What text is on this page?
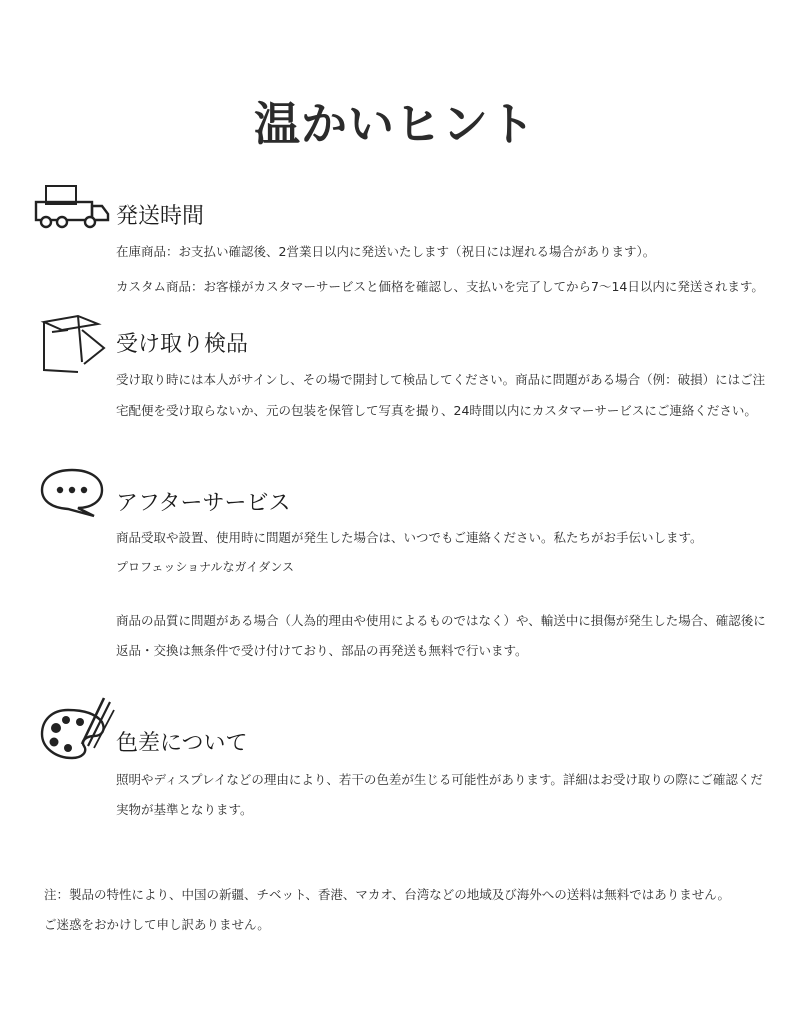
温かいヒント
発送時間
在庫商品：お支払い確認後、2営業日以内に発送いたします（祝日には遅れる場合があります）。
カスタム商品：お客様がカスタマーサービスと価格を確認し、支払いを完了してから7〜14日以内に発送されます。
受け取り検品
受け取り時には本人がサインし、その場で開封して検品してください。商品に問題がある場合（例：破損）にはご注
宅配便を受け取らないか、元の包装を保管して写真を撮り、24時間以内にカスタマーサービスにご連絡ください。
アフターサービス
商品受取や設置、使用時に問題が発生した場合は、いつでもご連絡ください。私たちがお手伝いします。
プロフェッショナルなガイダンス
商品の品質に問題がある場合（人為的理由や使用によるものではなく）や、輸送中に損傷が発生した場合、確認後に
返品・交換は無条件で受け付けており、部品の再発送も無料で行います。
色差について
照明やディスプレイなどの理由により、若干の色差が生じる可能性があります。詳細はお受け取りの際にご確認くだ
実物が基準となります。
注：製品の特性により、中国の新疆、チベット、香港、マカオ、台湾などの地域及び海外への送料は無料ではありません。
ご迷惑をおかけして申し訳ありません。
